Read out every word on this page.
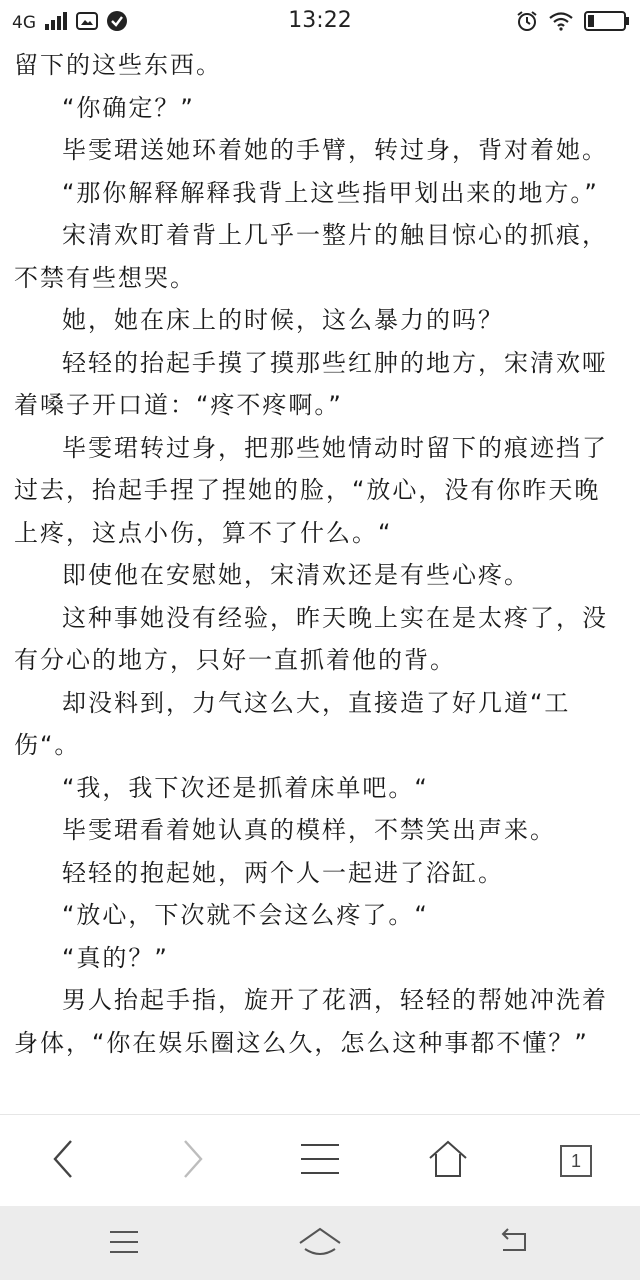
4G	13:22

留下的这些东西。

“你确定？”

毕雯珺送她环着她的手臂，转过身，背对着她。

“那你解释解释我背上这些指甲划出来的地方。”

宋清欢盯着背上几乎一整片的触目惊心的抓痕，不禁有些想哭。

她，她在床上的时候，这么暴力的吗？

轻轻的抬起手摸了摸那些红肿的地方，宋清欢哑着嗓子开口道：“疼不疼啊。”

毕雯珺转过身，把那些她情动时留下的痕迹挡了过去，抬起手捏了捏她的脸，“放心，没有你昨天晚上疼，这点小伤，算不了什么。“

即使他在安慰她，宋清欢还是有些心疼。

这种事她没有经验，昨天晚上实在是太疼了，没有分心的地方，只好一直抓着他的背。

却没料到，力气这么大，直接造了好几道“工伤“。

“我，我下次还是抓着床单吧。“

毕雯珺看着她认真的模样，不禁笑出声来。

轻轻的抱起她，两个人一起进了浴缸。

“放心，下次就不会这么疼了。“

“真的？”

男人抬起手指，旋开了花洒，轻轻的帮她冲洗着身体，“你在娱乐圈这么久，怎么这种事都不懂？”

1
